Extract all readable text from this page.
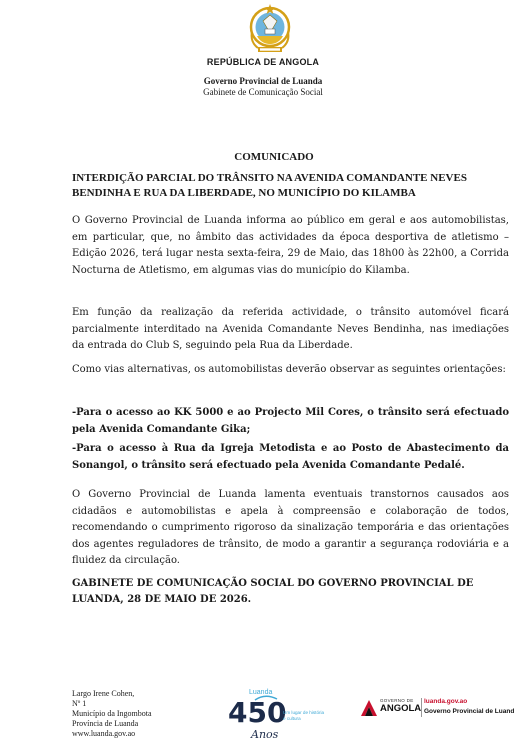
REPÚBLICA DE ANGOLA
Governo Provincial de Luanda
Gabinete de Comunicação Social
COMUNICADO
INTERDIÇÃO PARCIAL DO TRÂNSITO NA AVENIDA COMANDANTE NEVES BENDINHA E RUA DA LIBERDADE, NO MUNICÍPIO DO KILAMBA

O Governo Provincial de Luanda informa ao público em geral e aos automobilistas, em particular, que, no âmbito das actividades da época desportiva de atletismo – Edição 2026, terá lugar nesta sexta-feira, 29 de Maio, das 18h00 às 22h00, a Corrida Nocturna de Atletismo, em algumas vias do município do Kilamba.

Em função da realização da referida actividade, o trânsito automóvel ficará parcialmente interditado na Avenida Comandante Neves Bendinha, nas imediações da entrada do Club S, seguindo pela Rua da Liberdade.

Como vias alternativas, os automobilistas deverão observar as seguintes orientações:

-Para o acesso ao KK 5000 e ao Projecto Mil Cores, o trânsito será efectuado pela Avenida Comandante Gika;

-Para o acesso à Rua da Igreja Metodista e ao Posto de Abastecimento da Sonangol, o trânsito será efectuado pela Avenida Comandante Pedalé.

O Governo Provincial de Luanda lamenta eventuais transtornos causados aos cidadãos e automobilistas e apela à compreensão e colaboração de todos, recomendando o cumprimento rigoroso da sinalização temporária e das orientações dos agentes reguladores de trânsito, de modo a garantir a segurança rodoviária e a fluidez da circulação.

GABINETE DE COMUNICAÇÃO SOCIAL DO GOVERNO PROVINCIAL DE LUANDA, 28 DE MAIO DE 2026.
Largo Irene Cohen,
Nº 1
Município da Ingombota
Província de Luanda
www.luanda.gov.ao
Luanda
450
Anos
Um lugar de história
e cultura
GOVERNO DE
ANGOLA
luanda.gov.ao
Governo Provincial de Luand
